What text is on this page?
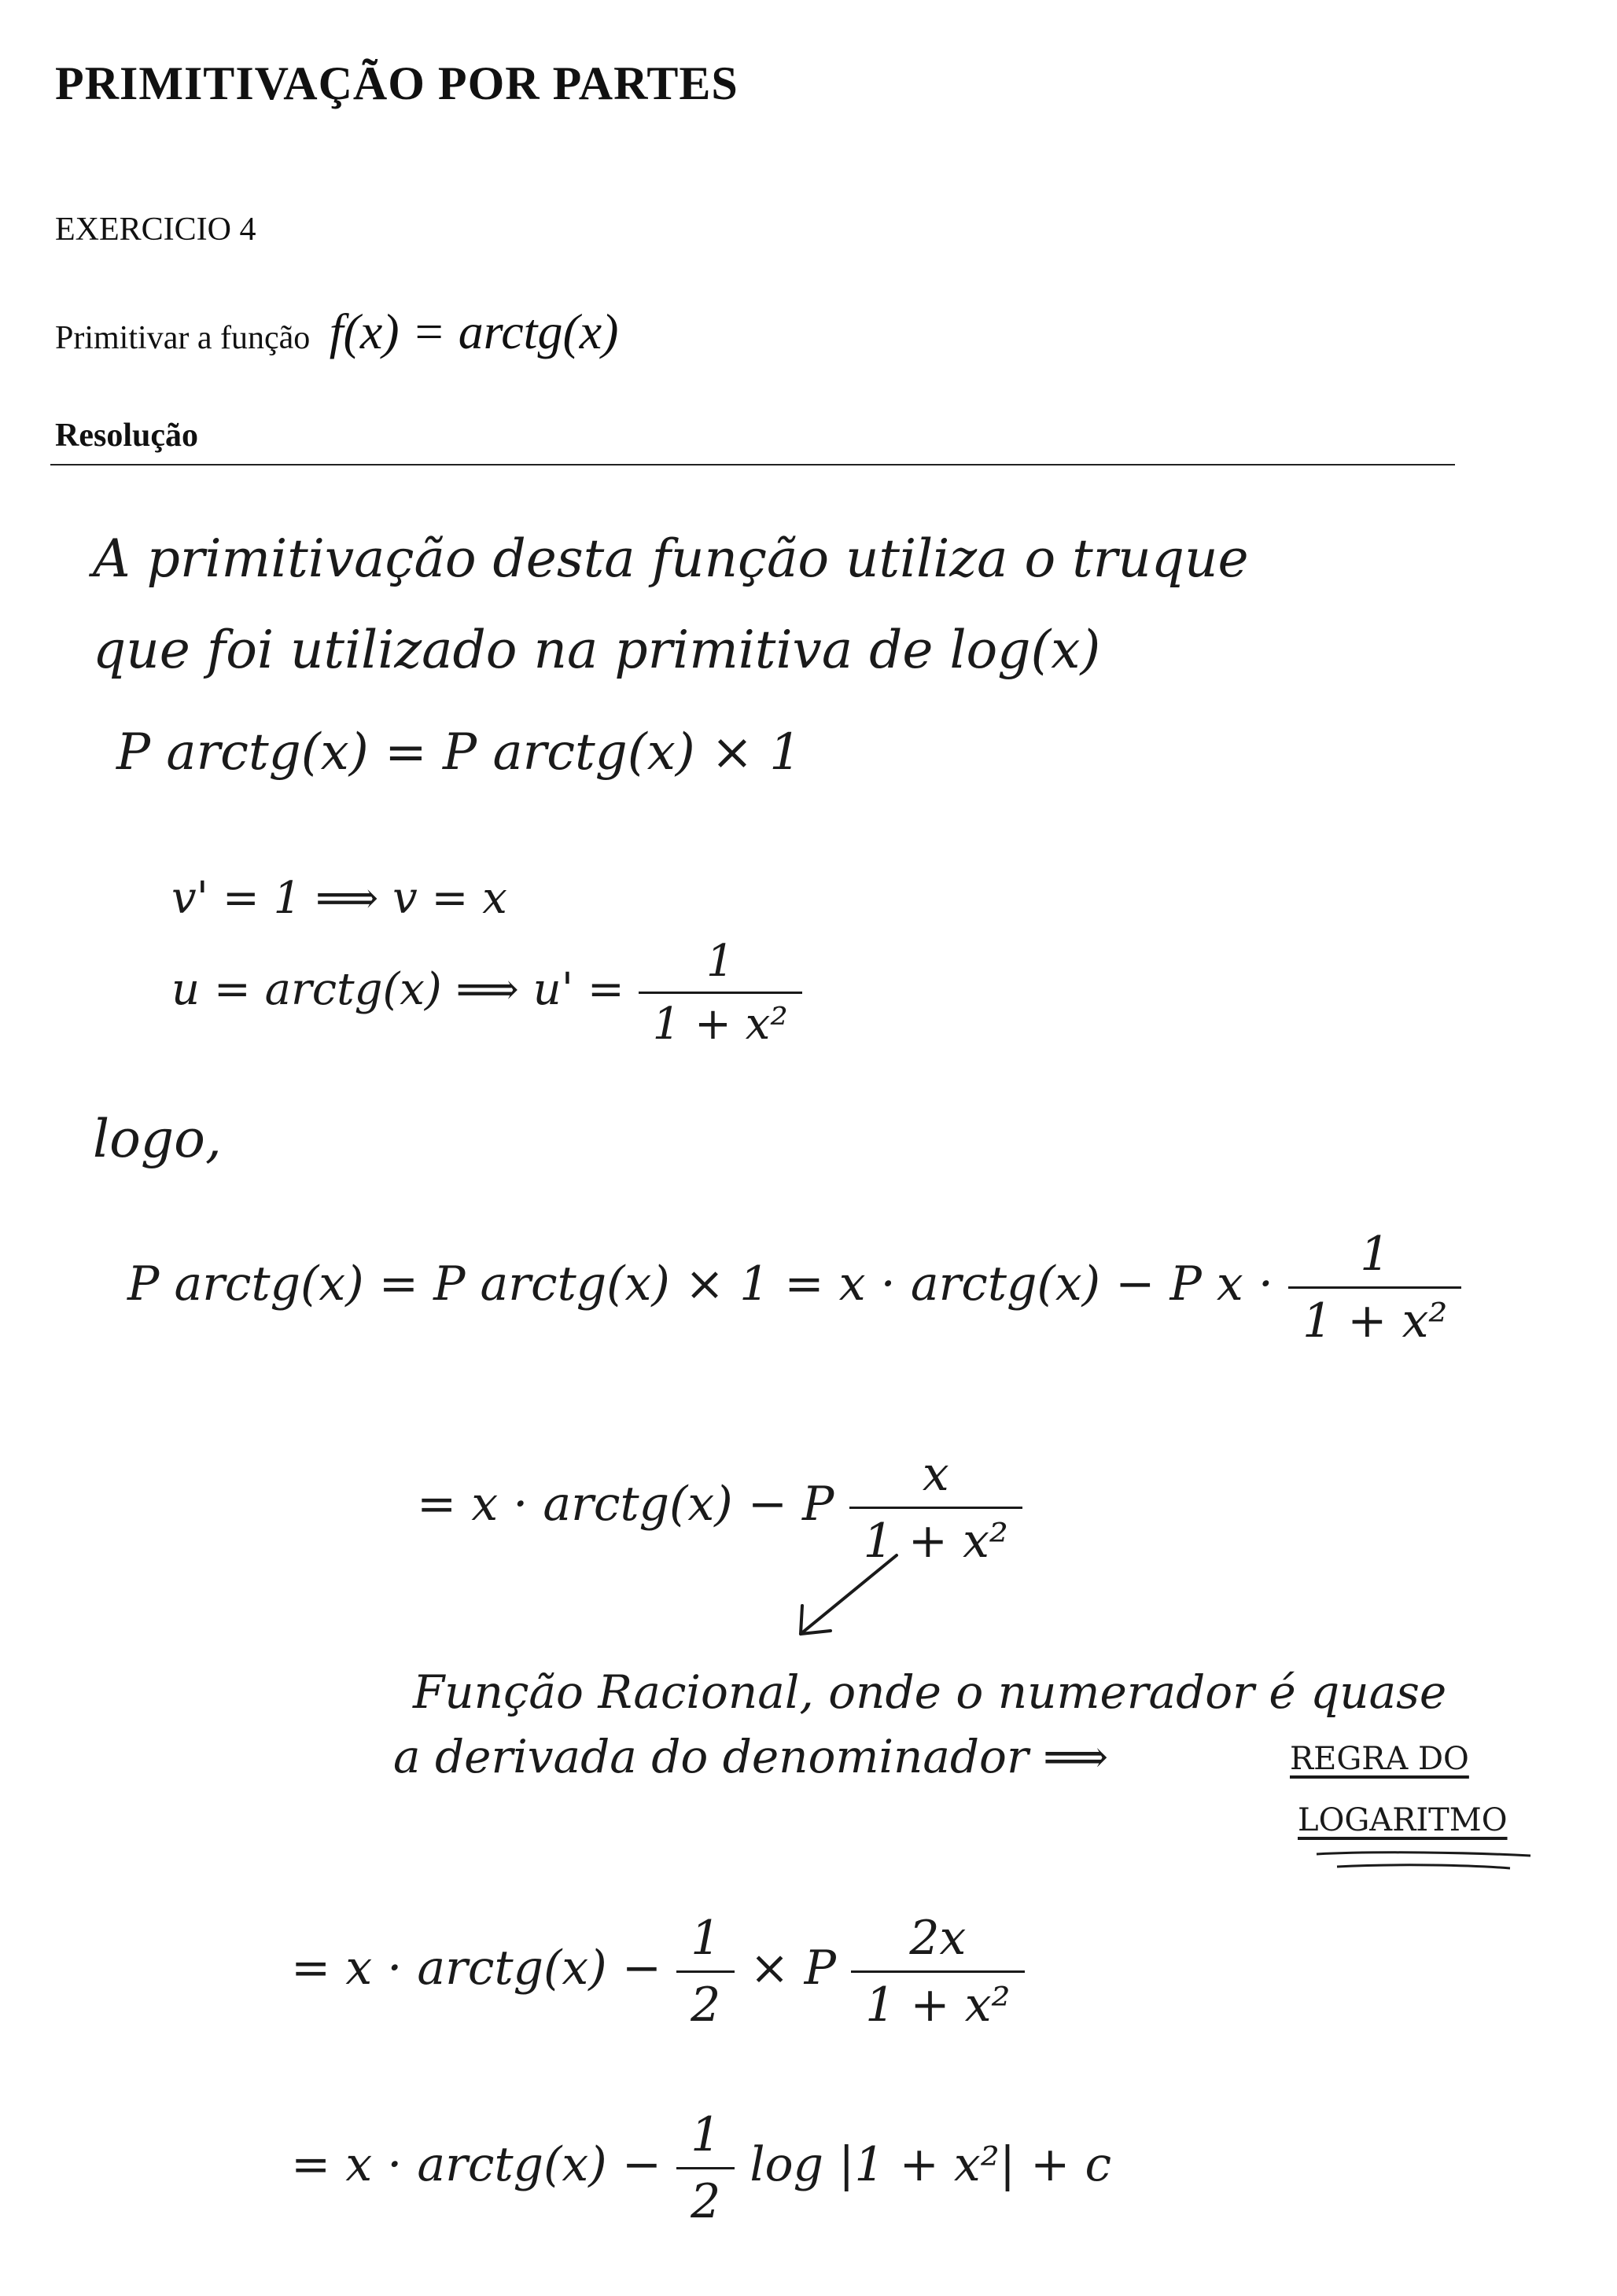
PRIMITIVAÇÃO POR PARTES
EXERCICIO 4
Primitivar a função f(x) = arctg(x)
Resolução
A primitivação desta função utiliza o truque
que foi utilizado na primitiva de log(x)
P arctg(x) = P arctg(x) × 1
v' = 1 ⟹ v = x
u = arctg(x) ⟹ $u' = \frac{1}{\text{1 + x²}}$
logo,
P arctg(x) = P arctg(x) × 1 = x · arctg(x) − P $x \cdot \frac{1}{\text{1 + x²}}$
= x · arctg(x) − P $\frac{x}{\text{1 + x²}}$
Função Racional, onde o numerador é quase
a derivada do denominador ⟹	REGRA DO
LOGARITMO
= x · arctg(x) − $\frac{1}{2} \times P \frac{2x}{\text{1 + x²}}$
= x · arctg(x) − $\frac{1}{2}$ log |1 + x²| + c
